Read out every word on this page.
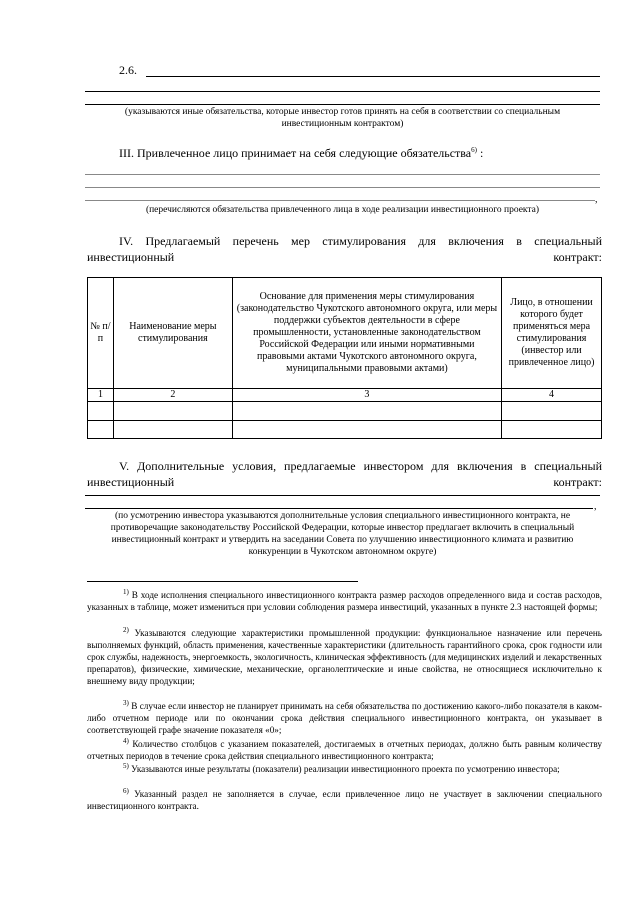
2.6.
(указываются иные обязательства, которые инвестор готов принять на себя в соответствии со специальным инвестиционным контрактом)
III. Привлеченное лицо принимает на себя следующие обязательства$^{6)}$ :
,
(перечисляются обязательства привлеченного лица в ходе реализации инвестиционного проекта)
IV. Предлагаемый перечень мер стимулирования для включения в специальный инвестиционный контракт:
№ п/п	Наименование меры стимулирования	Основание для применения меры стимулирования (законодательство Чукотского автономного округа, или меры поддержки субъектов деятельности в сфере промышленности, установленные законодательством Российской Федерации или иными нормативными правовыми актами Чукотского автономного округа, муниципальными правовыми актами)	Лицо, в отношении которого будет применяться мера стимулирования (инвестор или привлеченное лицо)
1	2	3	4

V. Дополнительные условия, предлагаемые инвестором для включения в специальный инвестиционный контракт:
,
(по усмотрению инвестора указываются дополнительные условия специального инвестиционного контракта, не противоречащие законодательству Российской Федерации, которые инвестор предлагает включить в специальный инвестиционный контракт и утвердить на заседании Совета по улучшению инвестиционного климата и развитию конкуренции в Чукотском автономном округе)
$^{1)}$ В ходе исполнения специального инвестиционного контракта размер расходов определенного вида и состав расходов, указанных в таблице, может измениться при условии соблюдения размера инвестиций, указанных в пункте 2.3 настоящей формы;
$^{2)}$ Указываются следующие характеристики промышленной продукции: функциональное назначение или перечень выполняемых функций, область применения, качественные характеристики (длительность гарантийного срока, срок годности или срок службы, надежность, энергоемкость, экологичность, клиническая эффективность (для медицинских изделий и лекарственных препаратов), физические, химические, механические, органолептические и иные свойства, не относящиеся исключительно к внешнему виду продукции;
$^{3)}$ В случае если инвестор не планирует принимать на себя обязательства по достижению какого-либо показателя в каком-либо отчетном периоде или по окончании срока действия специального инвестиционного контракта, он указывает в соответствующей графе значение показателя «0»;
$^{4)}$ Количество столбцов с указанием показателей, достигаемых в отчетных периодах, должно быть равным количеству отчетных периодов в течение срока действия специального инвестиционного контракта;
$^{5)}$ Указываются иные результаты (показатели) реализации инвестиционного проекта по усмотрению инвестора;
$^{6)}$ Указанный раздел не заполняется в случае, если привлеченное лицо не участвует в заключении специального инвестиционного контракта.
